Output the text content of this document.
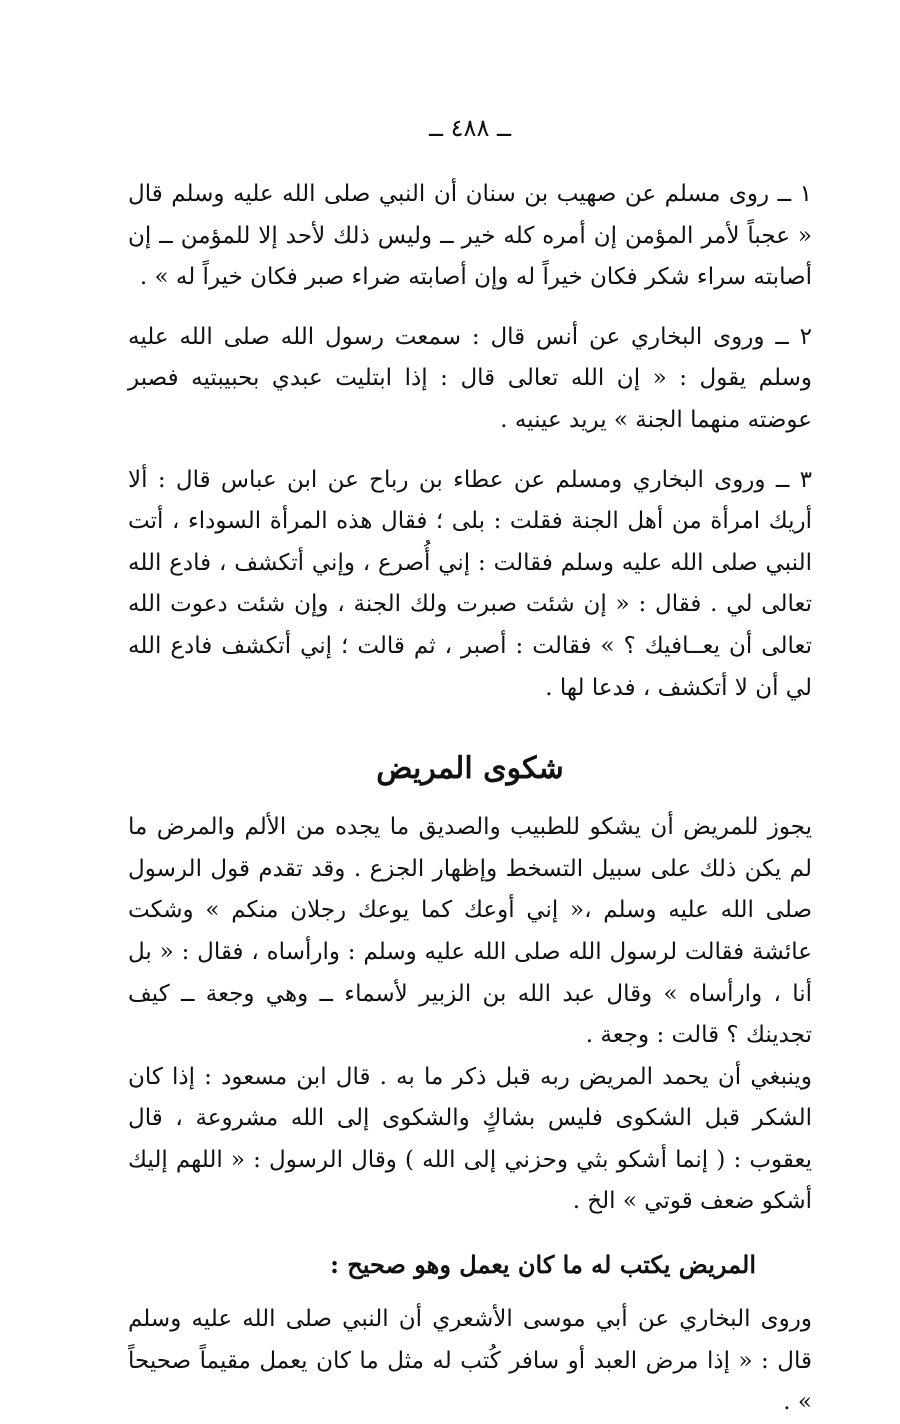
ــ ٤٨٨ ــ

١ ــ روى مسلم عن صهيب بن سنان أن النبي صلى الله عليه وسلم قال « عجباً لأمر المؤمن إن أمره كله خير ــ وليس ذلك لأحد إلا للمؤمن ــ إن أصابته سراء شكر فكان خيراً له وإن أصابته ضراء صبر فكان خيراً له » .

٢ ــ وروى البخاري عن أنس قال : سمعت رسول الله صلى الله عليه وسلم يقول : « إن الله تعالى قال : إذا ابتليت عبدي بحبيبتيه فصبر عوضته منهما الجنة » يريد عينيه .

٣ ــ وروى البخاري ومسلم عن عطاء بن رباح عن ابن عباس قال : ألا أريك امرأة من أهل الجنة فقلت : بلى ؛ فقال هذه المرأة السوداء ، أتت النبي صلى الله عليه وسلم فقالت : إني أُصرع ، وإني أتكشف ، فادع الله تعالى لي . فقال : « إن شئت صبرت ولك الجنة ، وإن شئت دعوت الله تعالى أن يعــافيك ؟ » فقالت : أصبر ، ثم قالت ؛ إني أتكشف فادع الله لي أن لا أتكشف ، فدعا لها .

شكوى المريض

يجوز للمريض أن يشكو للطبيب والصديق ما يجده من الألم والمرض ما لم يكن ذلك على سبيل التسخط وإظهار الجزع . وقد تقدم قول الرسول صلى الله عليه وسلم ،« إني أوعك كما يوعك رجلان منكم » وشكت عائشة فقالت لرسول الله صلى الله عليه وسلم : وارأساه ، فقال : « بل أنا ، وارأساه » وقال عبد الله بن الزبير لأسماء ــ وهي وجعة ــ كيف تجدينك ؟ قالت : وجعة .

وينبغي أن يحمد المريض ربه قبل ذكر ما به . قال ابن مسعود : إذا كان الشكر قبل الشكوى فليس بشاكٍ والشكوى إلى الله مشروعة ، قال يعقوب : ( إنما أشكو بثي وحزني إلى الله ) وقال الرسول : « اللهم إليك أشكو ضعف قوتي » الخ .

المريض يكتب له ما كان يعمل وهو صحيح :

وروى البخاري عن أبي موسى الأشعري أن النبي صلى الله عليه وسلم قال : « إذا مرض العبد أو سافر كُتب له مثل ما كان يعمل مقيماً صحيحاً » .
